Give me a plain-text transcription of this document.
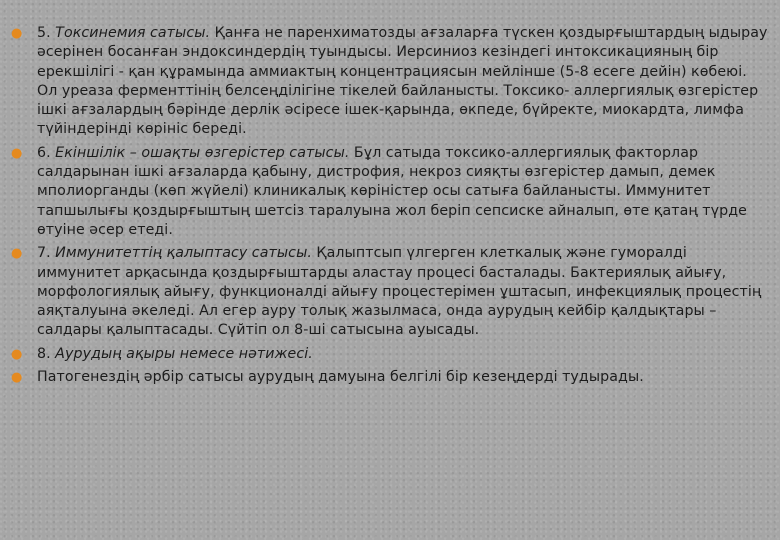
● 5. Токсинемия сатысы. Қанға не паренхиматозды ағзаларға түскен қоздырғыштардың ыдырау әсерінен босанған эндоксиндердің туындысы. Иерсиниоз кезіндегі интоксикацияның бір ерекшілігі - қан құрамында аммиактың концентрациясын мейлінше (5-8 есеге дейін) көбеюі. Ол уреаза ферменттінің белсеңділігіне тікелей байланысты. Токсико- аллергиялық өзгерістер ішкі ағзалардың бәрінде дерлік әсіресе ішек-қарында, өкпеде, бүйректе, миокардта, лимфа түйіндерінді көрініс береді.
● 6. Екіншілік – ошақты өзгерістер сатысы. Бұл сатыда токсико-аллергиялық факторлар салдарынан ішкі ағзаларда қабыну, дистрофия, некроз сияқты өзгерістер дамып, демек мполиорганды (көп жүйелі) клиникалық көріністер осы сатыға байланысты. Иммунитет тапшылығы қоздырғыштың шетсіз таралуына жол беріп сепсиске айналып, өте қатаң түрде өтуіне әсер етеді.
● 7. Иммунитеттің қалыптасу сатысы. Қалыптсып үлгерген клеткалық және гуморалді иммунитет арқасында қоздырғыштарды аластау процесі басталады. Бактериялық айығу, морфологиялық айығу, функционалді айығу процестерімен ұштасып, инфекциялық процестің аяқталуына әкеледі. Ал егер ауру толық жазылмаса, онда аурудың кейбір қалдықтары – салдары қалыптасады. Сүйтіп ол 8-ші сатысына ауысады.
● 8. Аурудың ақыры немесе нәтижесі.
● Патогенездің әрбір сатысы аурудың дамуына белгілі бір кезеңдерді тудырады.
